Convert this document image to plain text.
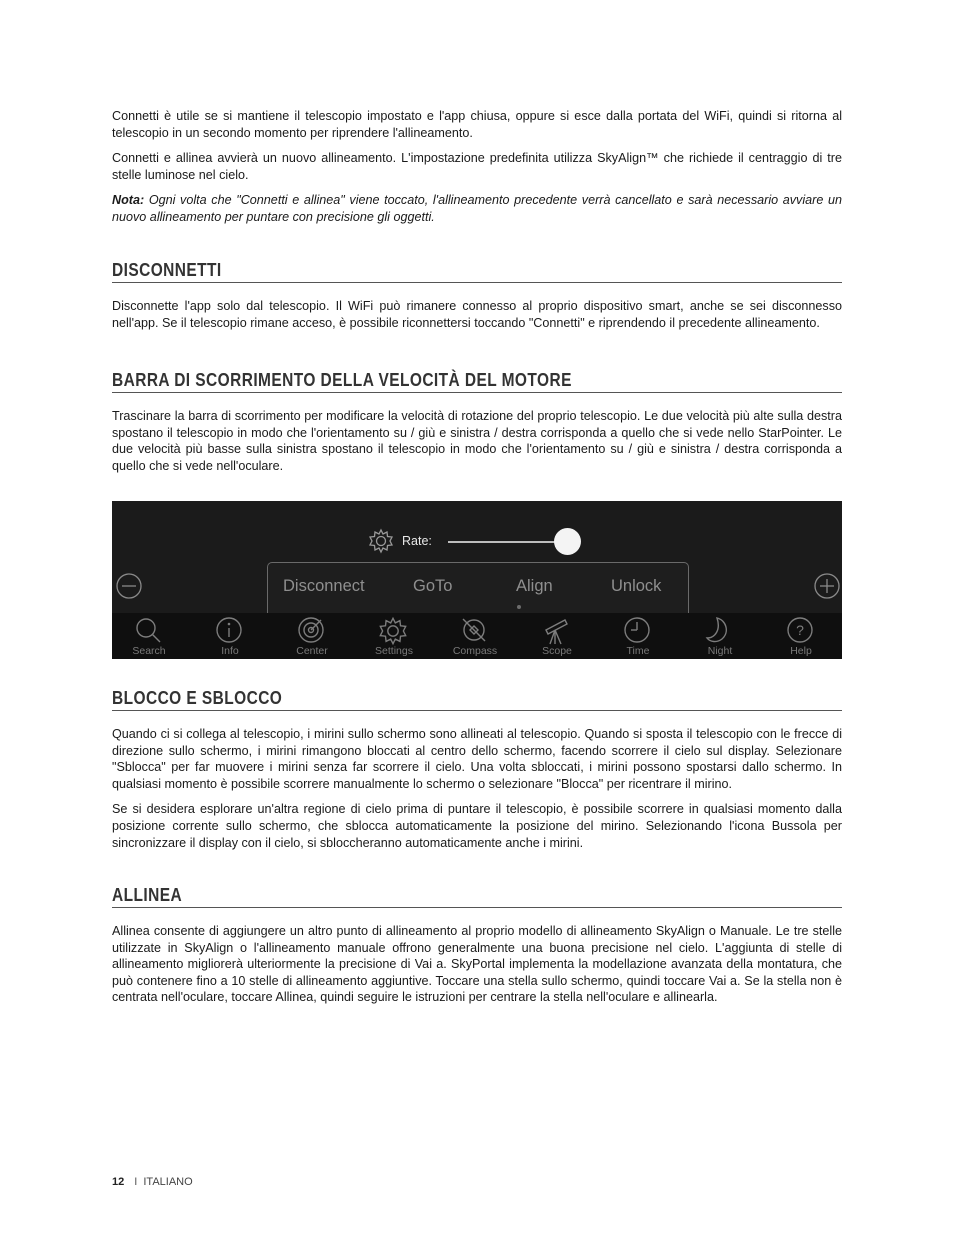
Connetti è utile se si mantiene il telescopio impostato e l'app chiusa, oppure si esce dalla portata del WiFi, quindi si ritorna al telescopio in un secondo momento per riprendere l'allineamento.

Connetti e allinea avvierà un nuovo allineamento. L'impostazione predefinita utilizza SkyAlign™ che richiede il centraggio di tre stelle luminose nel cielo.

Nota: Ogni volta che "Connetti e allinea" viene toccato, l'allineamento precedente verrà cancellato e sarà necessario avviare un nuovo allineamento per puntare con precisione gli oggetti.

DISCONNETTI

Disconnette l'app solo dal telescopio. Il WiFi può rimanere connesso al proprio dispositivo smart, anche se sei disconnesso nell'app. Se il telescopio rimane acceso, è possibile riconnettersi toccando "Connetti" e riprendendo il precedente allineamento.

BARRA DI SCORRIMENTO DELLA VELOCITÀ DEL MOTORE

Trascinare la barra di scorrimento per modificare la velocità di rotazione del proprio telescopio. Le due velocità più alte sulla destra spostano il telescopio in modo che l'orientamento su / giù e sinistra / destra corrisponda a quello che si vede nello StarPointer. Le due velocità più basse sulla sinistra spostano il telescopio in modo che l'orientamento su / giù e sinistra / destra corrisponda a quello che si vede nell'oculare.

Rate:
Disconnect	GoTo	Align	Unlock
Search	Info	Center	Settings	Compass	Scope	Time	Night
?
Help
BLOCCO E SBLOCCO

Quando ci si collega al telescopio, i mirini sullo schermo sono allineati al telescopio. Quando si sposta il telescopio con le frecce di direzione sullo schermo, i mirini rimangono bloccati al centro dello schermo, facendo scorrere il cielo sul display. Selezionare "Sblocca" per far muovere i mirini senza far scorrere il cielo. Una volta sbloccati, i mirini possono spostarsi dallo schermo. In qualsiasi momento è possibile scorrere manualmente lo schermo o selezionare "Blocca" per ricentrare il mirino.

Se si desidera esplorare un'altra regione di cielo prima di puntare il telescopio, è possibile scorrere in qualsiasi momento dalla posizione corrente sullo schermo, che sblocca automaticamente la posizione del mirino. Selezionando l'icona Bussola per sincronizzare il display con il cielo, si sbloccheranno automaticamente anche i mirini.

ALLINEA

Allinea consente di aggiungere un altro punto di allineamento al proprio modello di allineamento SkyAlign o Manuale. Le tre stelle utilizzate in SkyAlign o l'allineamento manuale offrono generalmente una buona precisione nel cielo. L'aggiunta di stelle di allineamento migliorerà ulteriormente la precisione di Vai a. SkyPortal implementa la modellazione avanzata della montatura, che può contenere fino a 10 stelle di allineamento aggiuntive. Toccare una stella sullo schermo, quindi toccare Vai a. Se la stella non è centrata nell'oculare, toccare Allinea, quindi seguire le istruzioni per centrare la stella nell'oculare e allinearla.

12 I ITALIANO
